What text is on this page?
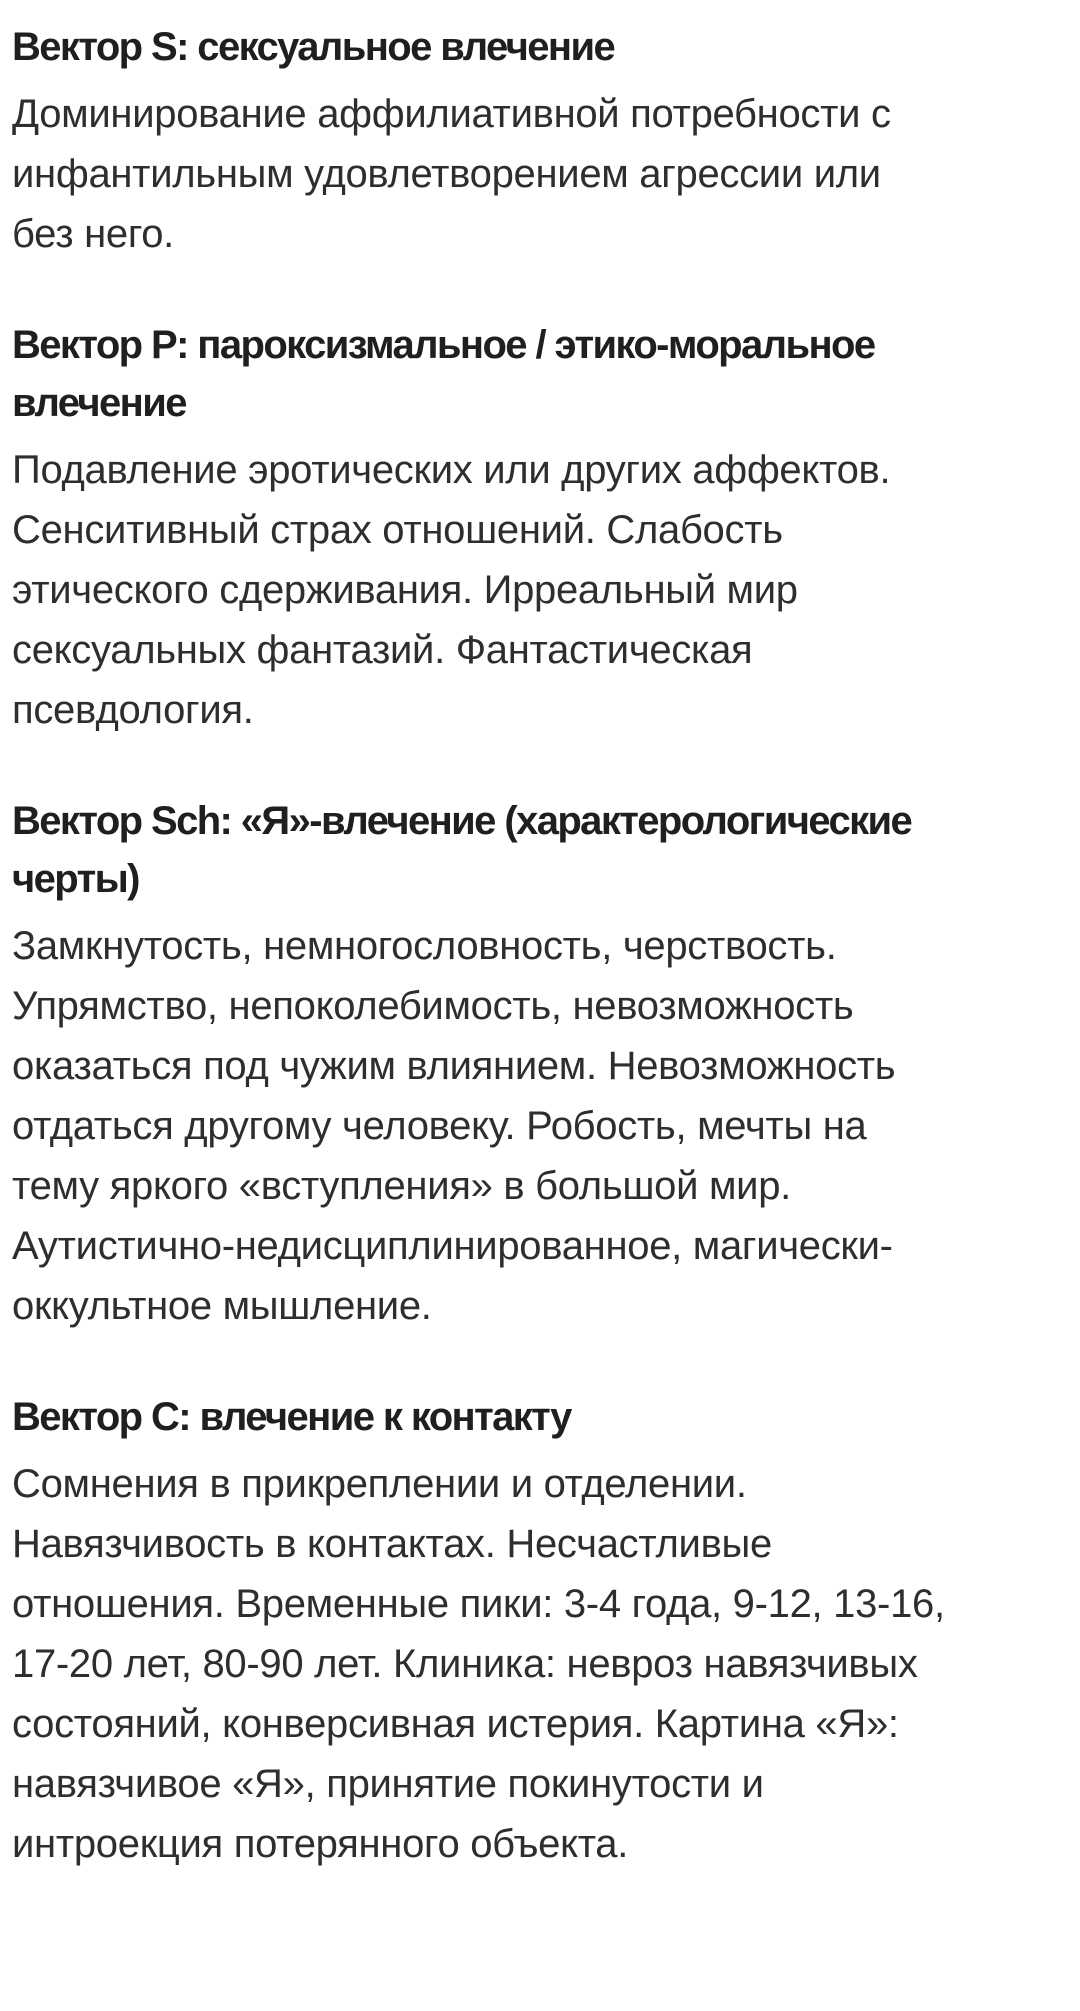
Вектор S: сексуальное влечение

Доминирование аффилиативной потребности с
инфантильным удовлетворением агрессии или
без него.

Вектор P: пароксизмальное / этико-моральное
влечение

Подавление эротических или других аффектов.
Сенситивный страх отношений. Слабость
этического сдерживания. Ирреальный мир
сексуальных фантазий. Фантастическая
псевдология.

Вектор Sch: «Я»-влечение (характерологические
черты)

Замкнутость, немногословность, черствость.
Упрямство, непоколебимость, невозможность
оказаться под чужим влиянием. Невозможность
отдаться другому человеку. Робость, мечты на
тему яркого «вступления» в большой мир.
Аутистично-недисциплинированное, магически-
оккультное мышление.

Вектор C: влечение к контакту

Сомнения в прикреплении и отделении.
Навязчивость в контактах. Несчастливые
отношения. Временные пики: 3-4 года, 9-12, 13-16,
17-20 лет, 80-90 лет. Клиника: невроз навязчивых
состояний, конверсивная истерия. Картина «Я»:
навязчивое «Я», принятие покинутости и
интроекция потерянного объекта.
